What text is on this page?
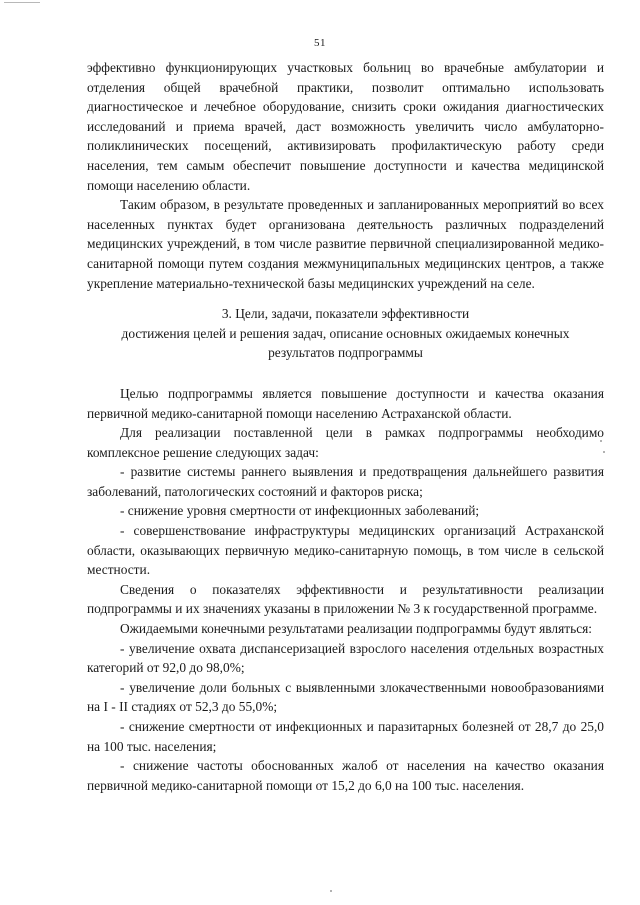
51

эффективно функционирующих участковых больниц во врачебные амбулатории и отделения общей врачебной практики, позволит оптимально использовать диагностическое и лечебное оборудование, снизить сроки ожидания диагностических исследований и приема врачей, даст возможность увеличить число амбулаторно-поликлинических посещений, активизировать профилактическую работу среди населения, тем самым обеспечит повышение доступности и качества медицинской помощи населению области.

Таким образом, в результате проведенных и запланированных мероприятий во всех населенных пунктах будет организована деятельность различных подразделений медицинских учреждений, в том числе развитие первичной специализированной медико-санитарной помощи путем создания межмуниципальных медицинских центров, а также укрепление материально-технической базы медицинских учреждений на селе.

3. Цели, задачи, показатели эффективности

достижения целей и решения задач, описание основных ожидаемых конечных

результатов подпрограммы

Целью подпрограммы является повышение доступности и качества оказания первичной медико-санитарной помощи населению Астраханской области.

Для реализации поставленной цели в рамках подпрограммы необходимо комплексное решение следующих задач:

- развитие системы раннего выявления и предотвращения дальнейшего развития заболеваний, патологических состояний и факторов риска;

- снижение уровня смертности от инфекционных заболеваний;

- совершенствование инфраструктуры медицинских организаций Астраханской области, оказывающих первичную медико-санитарную помощь, в том числе в сельской местности.

Сведения о показателях эффективности и результативности реализации подпрограммы и их значениях указаны в приложении № 3 к государственной программе.

Ожидаемыми конечными результатами реализации подпрограммы будут являться:

- увеличение охвата диспансеризацией взрослого населения отдельных возрастных категорий от 92,0 до 98,0%;

- увеличение доли больных с выявленными злокачественными новообразованиями на I - II стадиях от 52,3 до 55,0%;

- снижение смертности от инфекционных и паразитарных болезней от 28,7 до 25,0 на 100 тыс. населения;

- снижение частоты обоснованных жалоб от населения на качество оказания первичной медико-санитарной помощи от 15,2 до 6,0 на 100 тыс. населения.
